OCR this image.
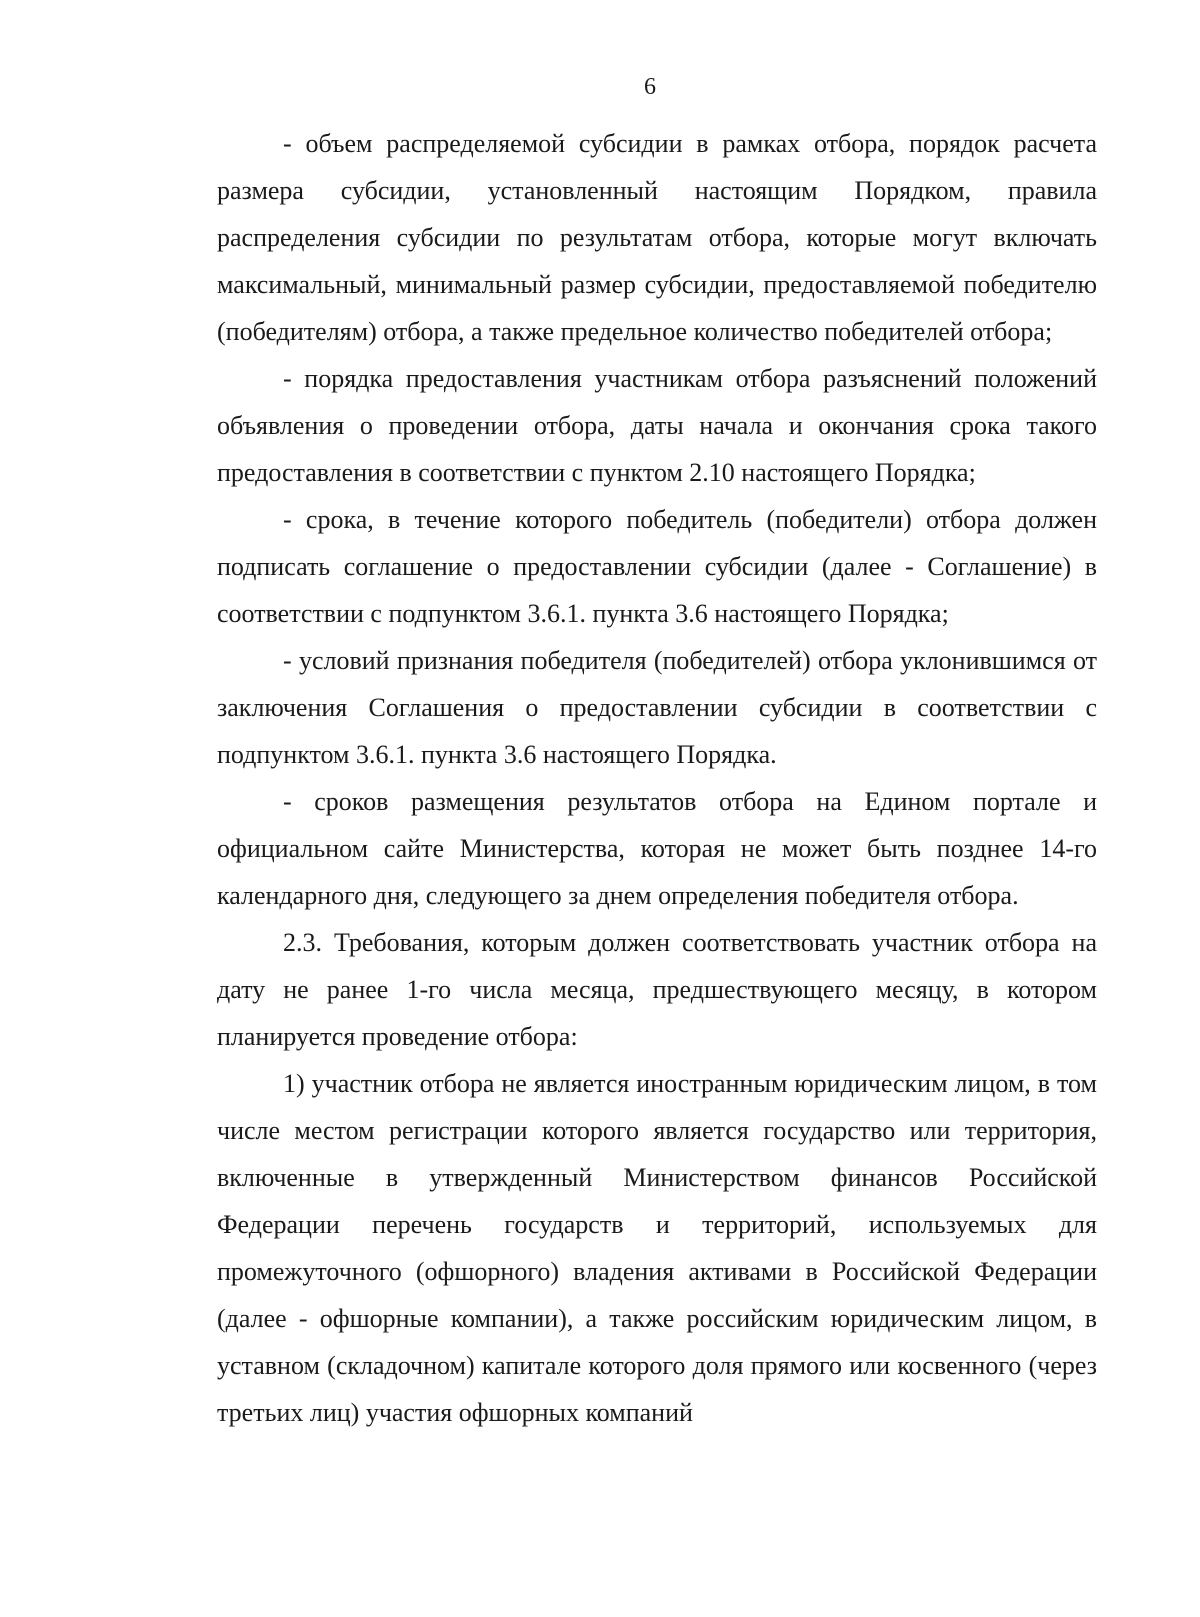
6

- объем распределяемой субсидии в рамках отбора, порядок расчета размера субсидии, установленный настоящим Порядком, правила распределения субсидии по результатам отбора, которые могут включать максимальный, минимальный размер субсидии, предоставляемой победителю (победителям) отбора, а также предельное количество победителей отбора;

- порядка предоставления участникам отбора разъяснений положений объявления о проведении отбора, даты начала и окончания срока такого предоставления в соответствии с пунктом 2.10 настоящего Порядка;

- срока, в течение которого победитель (победители) отбора должен подписать соглашение о предоставлении субсидии (далее - Соглашение) в соответствии с подпунктом 3.6.1. пункта 3.6 настоящего Порядка;

- условий признания победителя (победителей) отбора уклонившимся от заключения Соглашения о предоставлении субсидии в соответствии с подпунктом 3.6.1. пункта 3.6 настоящего Порядка.

- сроков размещения результатов отбора на Едином портале и официальном сайте Министерства, которая не может быть позднее 14-го календарного дня, следующего за днем определения победителя отбора.

2.3. Требования, которым должен соответствовать участник отбора на дату не ранее 1-го числа месяца, предшествующего месяцу, в котором планируется проведение отбора:

1) участник отбора не является иностранным юридическим лицом, в том числе местом регистрации которого является государство или территория, включенные в утвержденный Министерством финансов Российской Федерации перечень государств и территорий, используемых для промежуточного (офшорного) владения активами в Российской Федерации (далее - офшорные компании), а также российским юридическим лицом, в уставном (складочном) капитале которого доля прямого или косвенного (через третьих лиц) участия офшорных компаний
